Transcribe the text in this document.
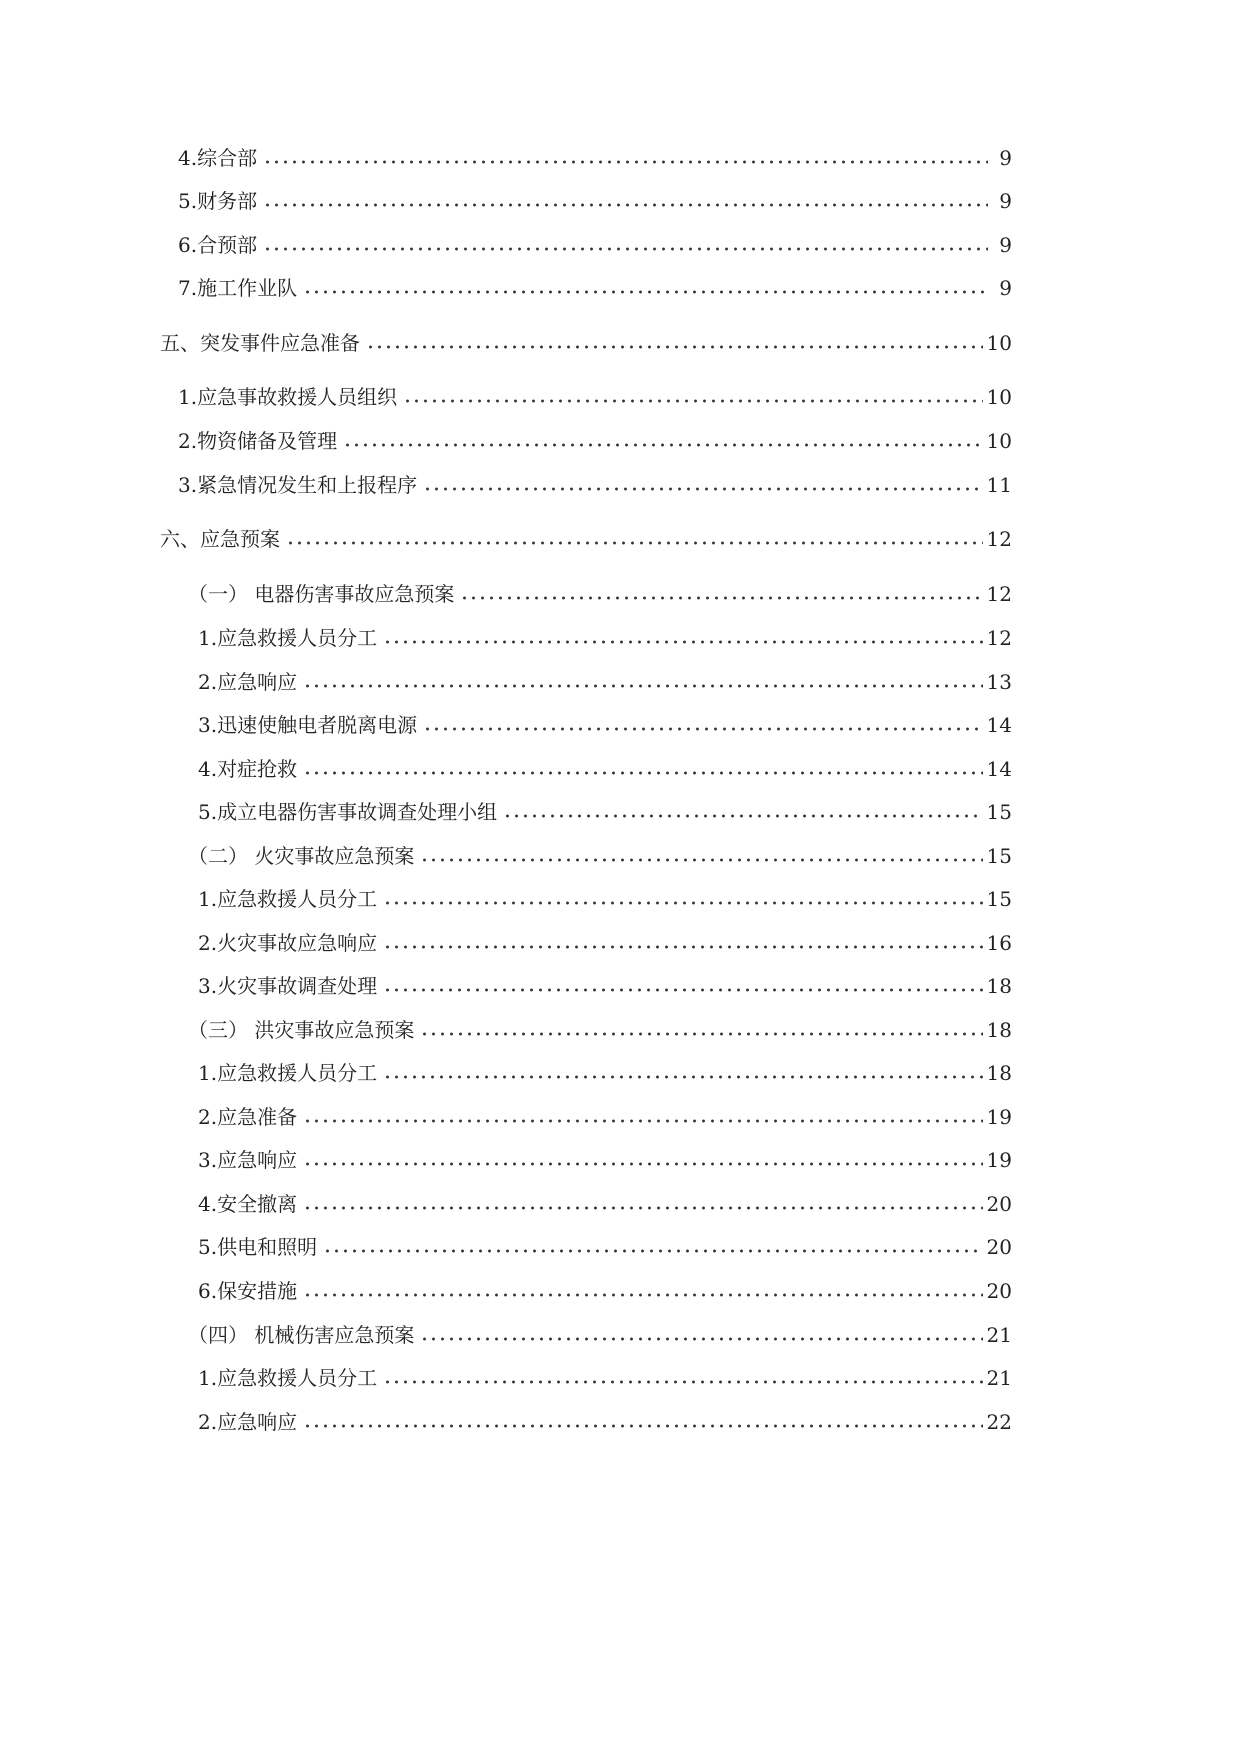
4.综合部	9
5.财务部	9
6.合预部	9
7.施工作业队	9
五、突发事件应急准备	10
1.应急事故救援人员组织	10
2.物资储备及管理	10
3.紧急情况发生和上报程序	11
六、应急预案	12
（一） 电器伤害事故应急预案	12
1.应急救援人员分工	12
2.应急响应	13
3.迅速使触电者脱离电源	14
4.对症抢救	14
5.成立电器伤害事故调查处理小组	15
（二） 火灾事故应急预案	15
1.应急救援人员分工	15
2.火灾事故应急响应	16
3.火灾事故调查处理	18
（三） 洪灾事故应急预案	18
1.应急救援人员分工	18
2.应急准备	19
3.应急响应	19
4.安全撤离	20
5.供电和照明	20
6.保安措施	20
（四） 机械伤害应急预案	21
1.应急救援人员分工	21
2.应急响应	22
